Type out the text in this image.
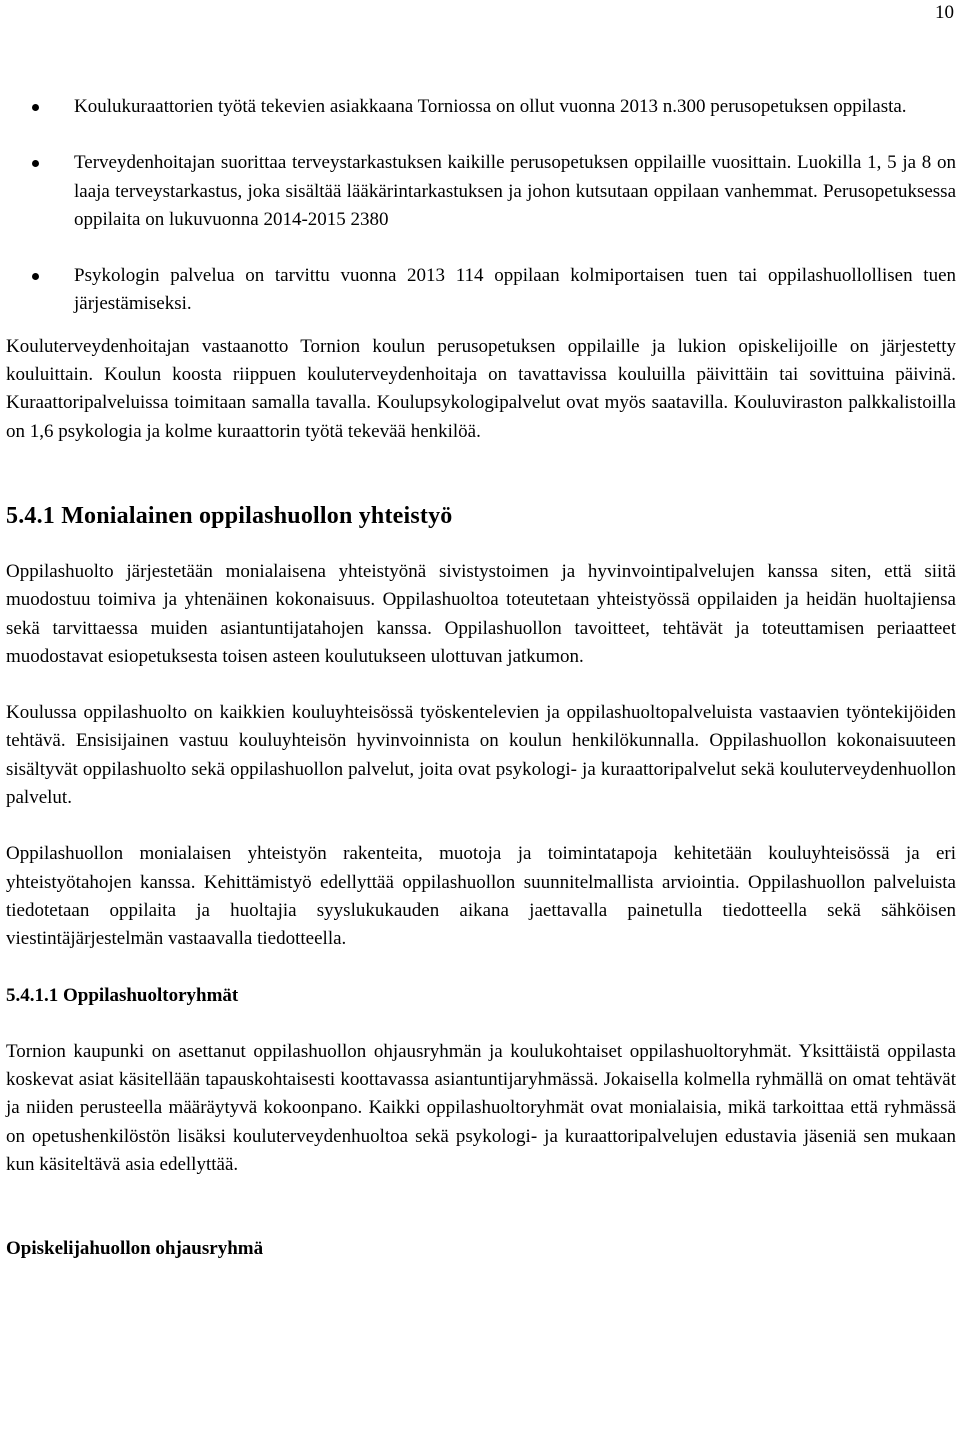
10
Koulukuraattorien työtä tekevien asiakkaana Torniossa on ollut vuonna 2013 n.300 perusopetuksen oppilasta.
Terveydenhoitajan suorittaa terveystarkastuksen kaikille perusopetuksen oppilaille vuosittain. Luokilla 1, 5 ja 8 on laaja terveystarkastus, joka sisältää lääkärintarkastuksen ja johon kutsutaan oppilaan vanhemmat. Perusopetuksessa oppilaita on lukuvuonna 2014-2015 2380
Psykologin palvelua on tarvittu vuonna 2013 114 oppilaan kolmiportaisen tuen tai oppilashuollollisen tuen järjestämiseksi.

Kouluterveydenhoitajan vastaanotto Tornion koulun perusopetuksen oppilaille ja lukion opiskelijoille on järjestetty kouluittain. Koulun koosta riippuen kouluterveydenhoitaja on tavattavissa kouluilla päivittäin tai sovittuina päivinä. Kuraattoripalveluissa toimitaan samalla tavalla. Koulupsykologipalvelut ovat myös saatavilla. Kouluviraston palkkalistoilla on 1,6 psykologia ja kolme kuraattorin työtä tekevää henkilöä.

5.4.1 Monialainen oppilashuollon yhteistyö

Oppilashuolto järjestetään monialaisena yhteistyönä sivistystoimen ja hyvinvointipalvelujen kanssa siten, että siitä muodostuu toimiva ja yhtenäinen kokonaisuus. Oppilashuoltoa toteutetaan yhteistyössä oppilaiden ja heidän huoltajiensa sekä tarvittaessa muiden asiantuntijatahojen kanssa. Oppilashuollon tavoitteet, tehtävät ja toteuttamisen periaatteet muodostavat esiopetuksesta toisen asteen koulutukseen ulottuvan jatkumon.

Koulussa oppilashuolto on kaikkien kouluyhteisössä työskentelevien ja oppilashuoltopalveluista vastaavien työntekijöiden tehtävä. Ensisijainen vastuu kouluyhteisön hyvinvoinnista on koulun henkilökunnalla. Oppilashuollon kokonaisuuteen sisältyvät oppilashuolto sekä oppilashuollon palvelut, joita ovat psykologi- ja kuraattoripalvelut sekä kouluterveydenhuollon palvelut.

Oppilashuollon monialaisen yhteistyön rakenteita, muotoja ja toimintatapoja kehitetään kouluyhteisössä ja eri yhteistyötahojen kanssa. Kehittämistyö edellyttää oppilashuollon suunnitelmallista arviointia. Oppilashuollon palveluista tiedotetaan oppilaita ja huoltajia syyslukukauden aikana jaettavalla painetulla tiedotteella sekä sähköisen viestintäjärjestelmän vastaavalla tiedotteella.

5.4.1.1 Oppilashuoltoryhmät

Tornion kaupunki on asettanut oppilashuollon ohjausryhmän ja koulukohtaiset oppilashuoltoryhmät. Yksittäistä oppilasta koskevat asiat käsitellään tapauskohtaisesti koottavassa asiantuntijaryhmässä. Jokaisella kolmella ryhmällä on omat tehtävät ja niiden perusteella määräytyvä kokoonpano. Kaikki oppilashuoltoryhmät ovat monialaisia, mikä tarkoittaa että ryhmässä on opetushenkilöstön lisäksi kouluterveydenhuoltoa sekä psykologi- ja kuraattoripalvelujen edustavia jäseniä sen mukaan kun käsiteltävä asia edellyttää.

Opiskelijahuollon ohjausryhmä
